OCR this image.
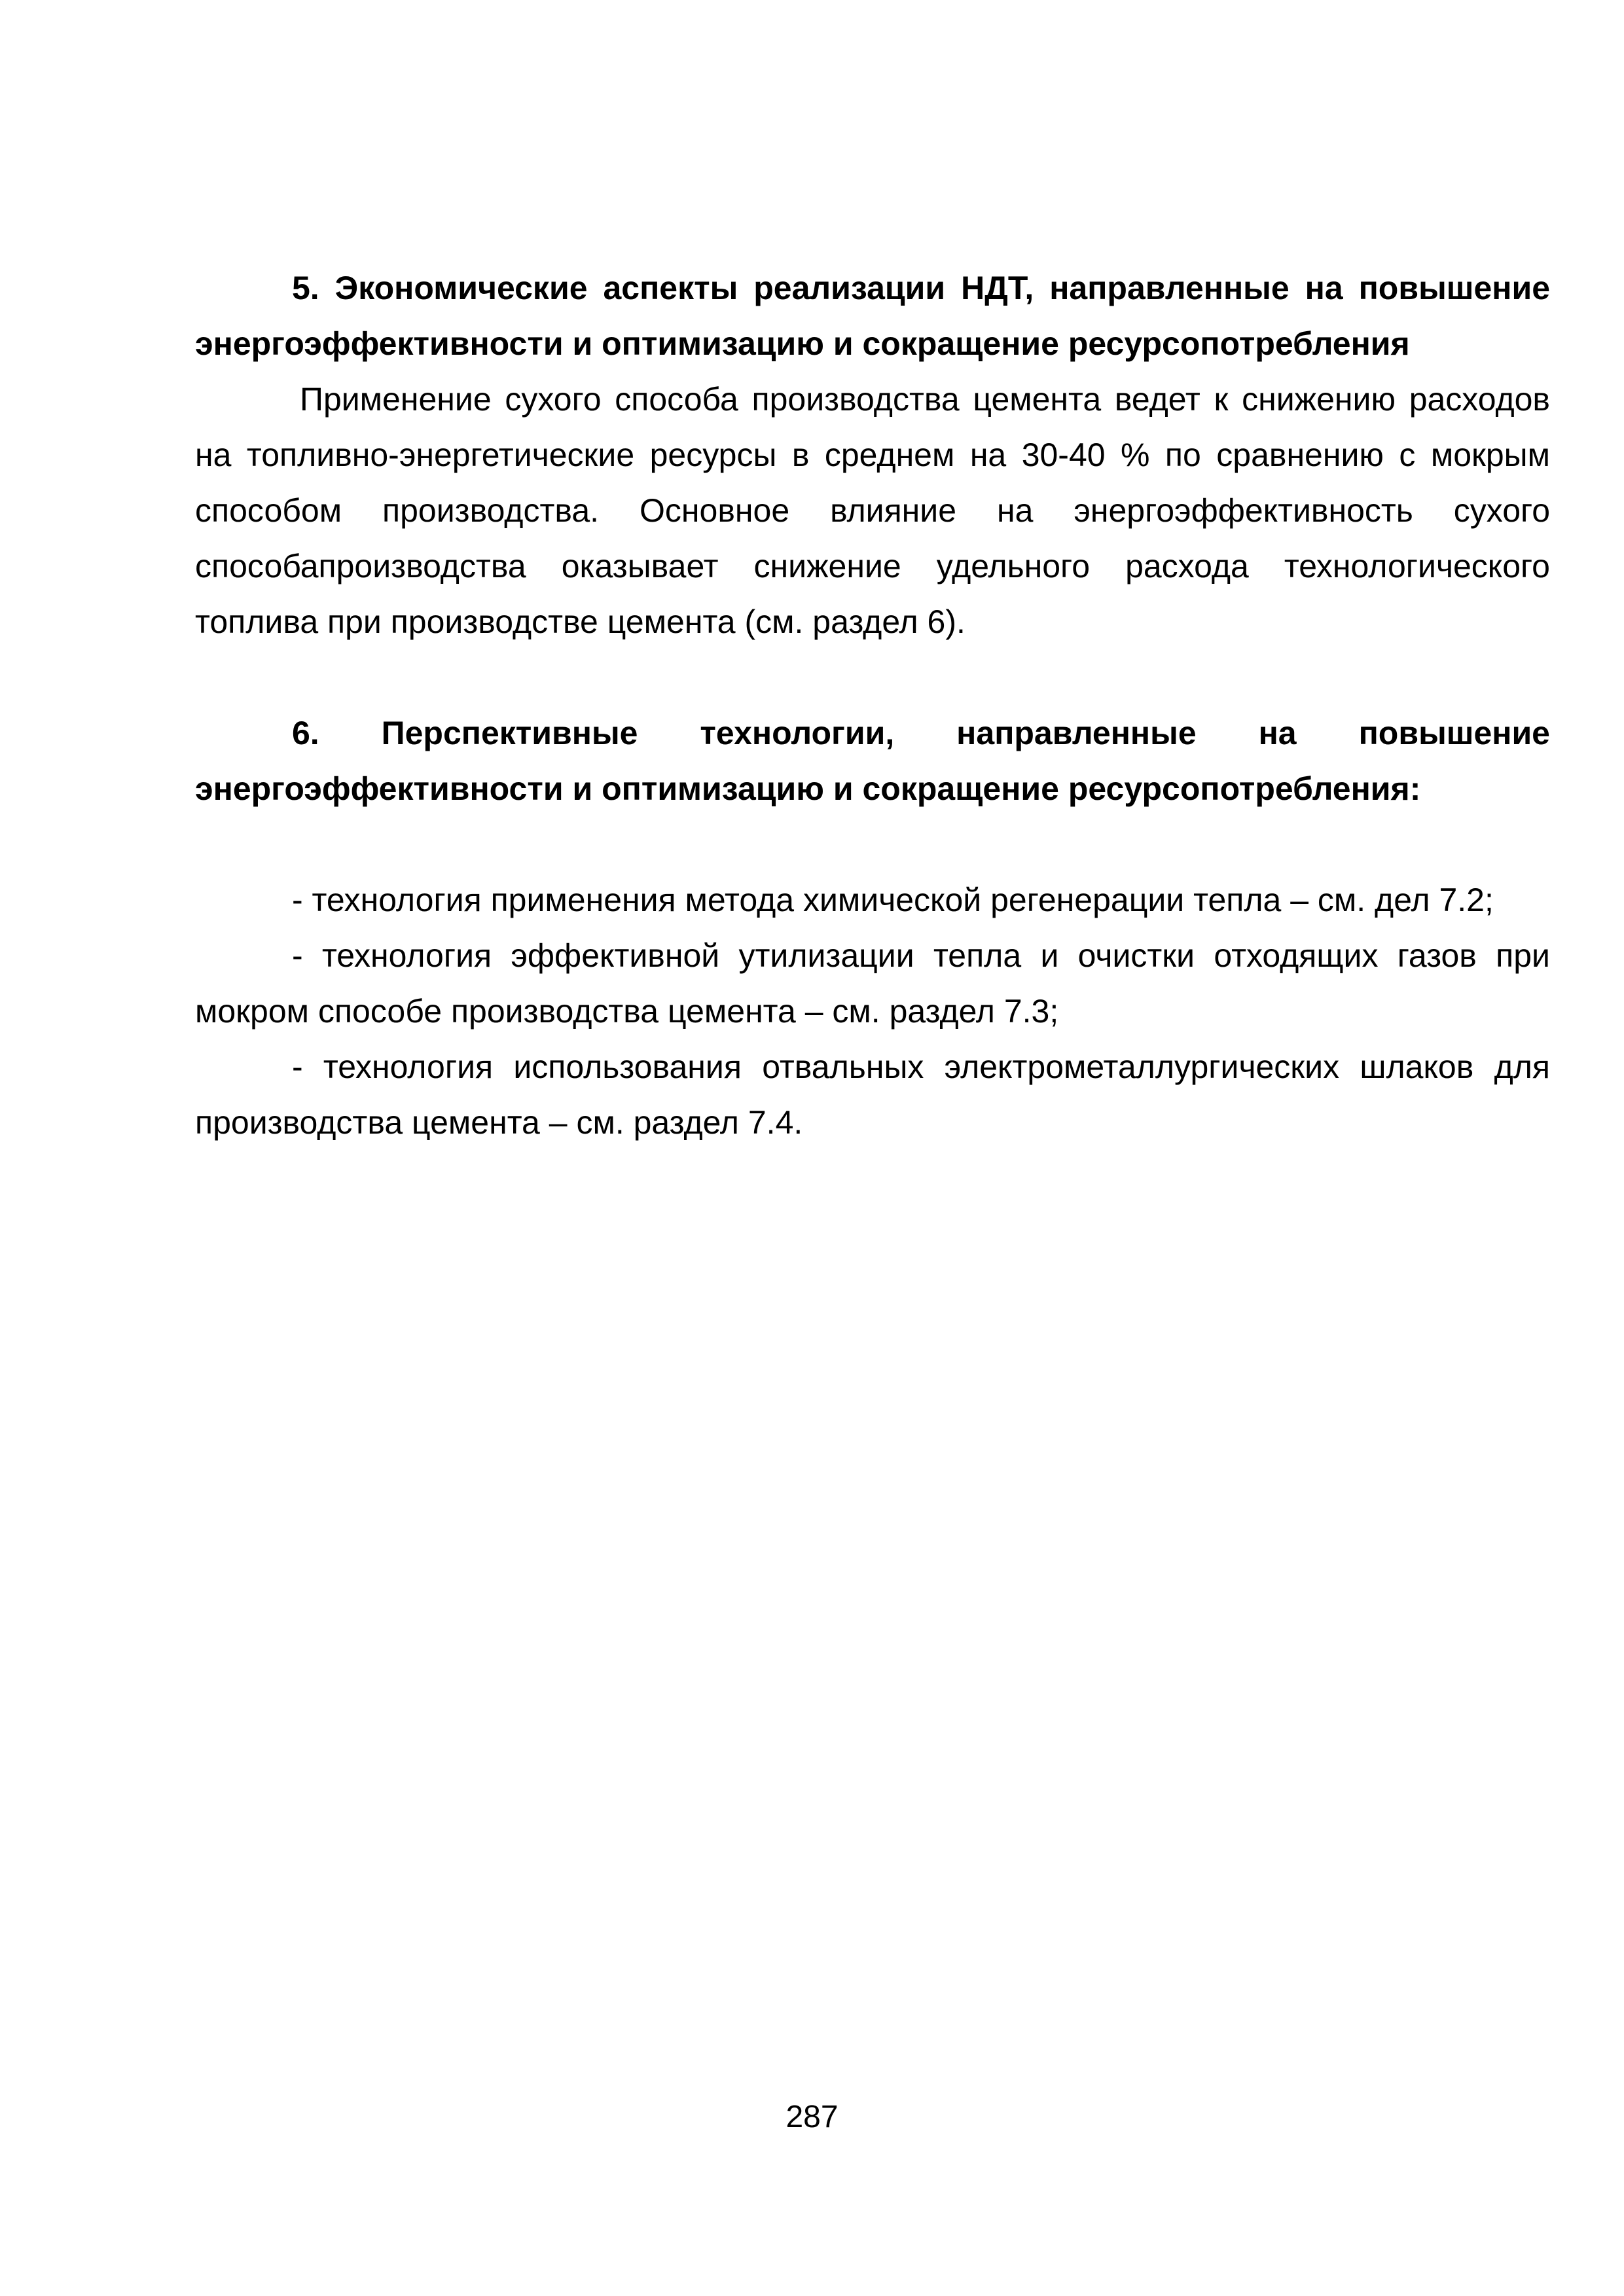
5. Экономические аспекты реализации НДТ, направленные на повышение энергоэффективности и оптимизацию и сокращение ресурсопотребления

Применение сухого способа производства цемента ведет к снижению расходов на топливно-энергетические ресурсы в среднем на 30-40 % по сравнению с мокрым способом производства. Основное влияние на энергоэффективность сухого способапроизводства оказывает снижение удельного расхода технологического топлива при производстве цемента (см. раздел 6).

6. Перспективные технологии, направленные на повышение энергоэффективности и оптимизацию и сокращение ресурсопотребления:

- технология применения метода химической регенерации тепла – см. дел 7.2;

- технология эффективной утилизации тепла и очистки отходящих газов при мокром способе производства цемента – см. раздел 7.3;

- технология использования отвальных электрометаллургических шлаков для производства цемента – см. раздел 7.4.

287
